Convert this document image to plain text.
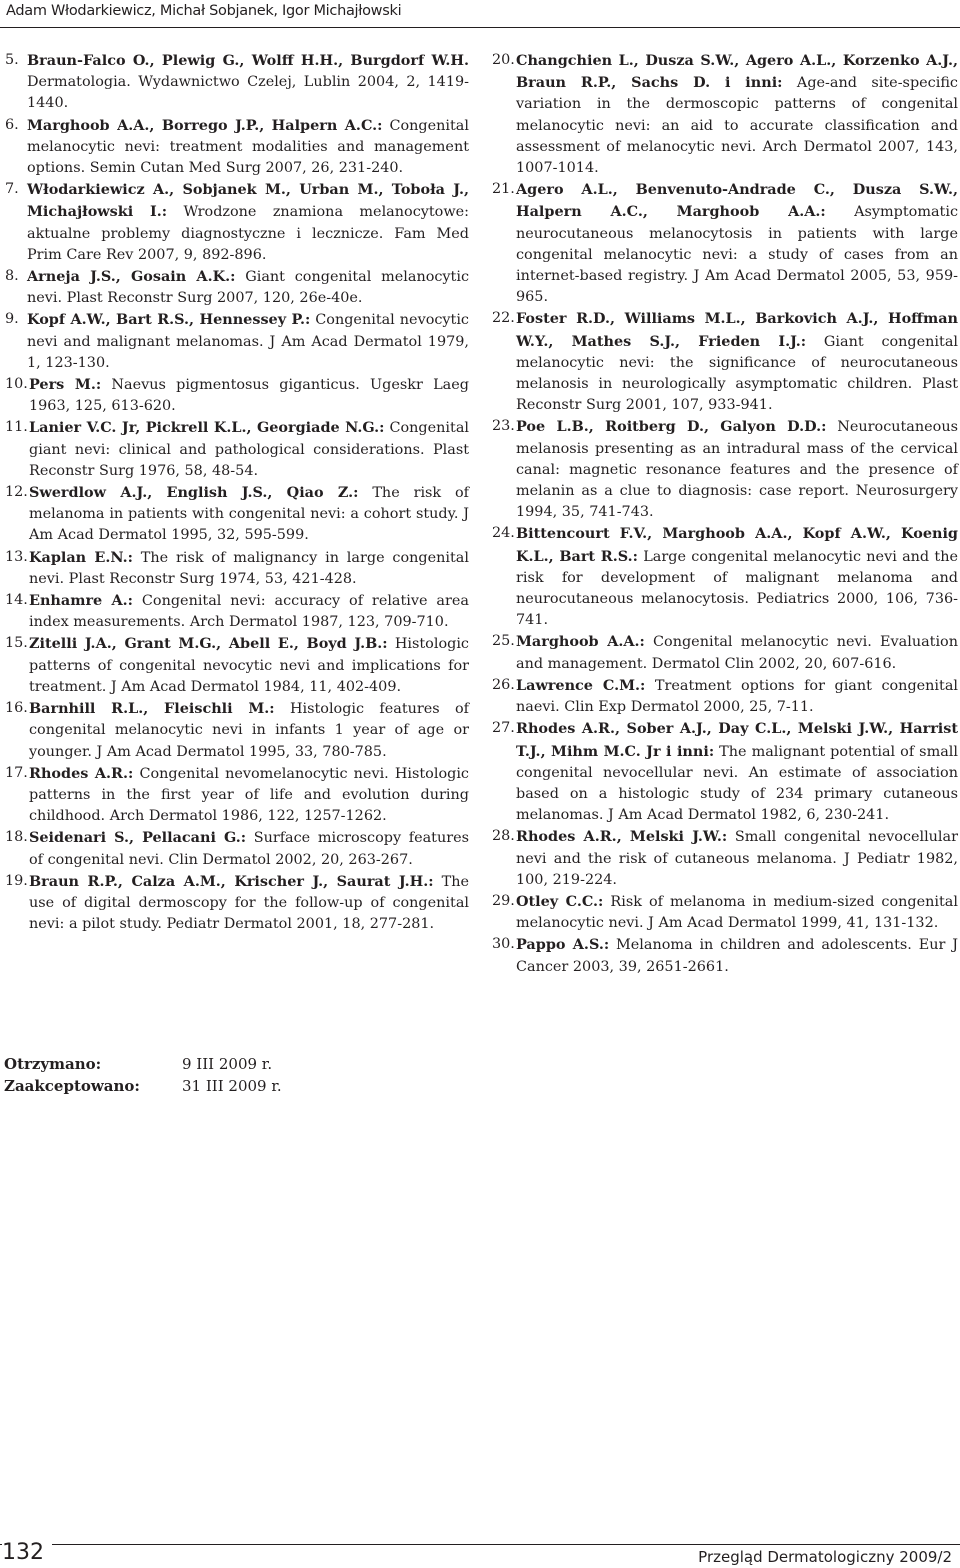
Adam Włodarkiewicz, Michał Sobjanek, Igor Michajłowski

5. Braun-Falco O., Plewig G., Wolff H.H., Burgdorf W.H. Dermatologia. Wydawnictwo Czelej, Lublin 2004, 2, 1419-1440.

6. Marghoob A.A., Borrego J.P., Halpern A.C.: Congenital melanocytic nevi: treatment modalities and management options. Semin Cutan Med Surg 2007, 26, 231-240.

7. Włodarkiewicz A., Sobjanek M., Urban M., Toboła J., Michajłowski I.: Wrodzone znamiona melanocytowe: aktualne problemy diagnostyczne i lecznicze. Fam Med Prim Care Rev 2007, 9, 892-896.

8. Arneja J.S., Gosain A.K.: Giant congenital melanocytic nevi. Plast Reconstr Surg 2007, 120, 26e-40e.

9. Kopf A.W., Bart R.S., Hennessey P.: Congenital nevocytic nevi and malignant melanomas. J Am Acad Dermatol 1979, 1, 123-130.

10. Pers M.: Naevus pigmentosus giganticus. Ugeskr Laeg 1963, 125, 613-620.

11. Lanier V.C. Jr, Pickrell K.L., Georgiade N.G.: Congenital giant nevi: clinical and pathological considerations. Plast Reconstr Surg 1976, 58, 48-54.

12. Swerdlow A.J., English J.S., Qiao Z.: The risk of melanoma in patients with congenital nevi: a cohort study. J Am Acad Dermatol 1995, 32, 595-599.

13. Kaplan E.N.: The risk of malignancy in large congenital nevi. Plast Reconstr Surg 1974, 53, 421-428.

14. Enhamre A.: Congenital nevi: accuracy of relative area index measurements. Arch Dermatol 1987, 123, 709-710.

15. Zitelli J.A., Grant M.G., Abell E., Boyd J.B.: Histologic patterns of congenital nevocytic nevi and implications for treatment. J Am Acad Dermatol 1984, 11, 402-409.

16. Barnhill R.L., Fleischli M.: Histologic features of congenital melanocytic nevi in infants 1 year of age or younger. J Am Acad Dermatol 1995, 33, 780-785.

17. Rhodes A.R.: Congenital nevomelanocytic nevi. Histologic patterns in the first year of life and evolution during childhood. Arch Dermatol 1986, 122, 1257-1262.

18. Seidenari S., Pellacani G.: Surface microscopy features of congenital nevi. Clin Dermatol 2002, 20, 263-267.

19. Braun R.P., Calza A.M., Krischer J., Saurat J.H.: The use of digital dermoscopy for the follow-up of congenital nevi: a pilot study. Pediatr Dermatol 2001, 18, 277-281.

20. Changchien L., Dusza S.W., Agero A.L., Korzenko A.J., Braun R.P., Sachs D. i inni: Age-and site-specific variation in the dermoscopic patterns of congenital melanocytic nevi: an aid to accurate classification and assessment of melanocytic nevi. Arch Dermatol 2007, 143, 1007-1014.

21. Agero A.L., Benvenuto-Andrade C., Dusza S.W., Halpern A.C., Marghoob A.A.: Asymptomatic neurocutaneous melanocytosis in patients with large congenital melanocytic nevi: a study of cases from an internet-based registry. J Am Acad Dermatol 2005, 53, 959-965.

22. Foster R.D., Williams M.L., Barkovich A.J., Hoffman W.Y., Mathes S.J., Frieden I.J.: Giant congenital melanocytic nevi: the significance of neurocutaneous melanosis in neurologically asymptomatic children. Plast Reconstr Surg 2001, 107, 933-941.

23. Poe L.B., Roitberg D., Galyon D.D.: Neurocutaneous melanosis presenting as an intradural mass of the cervical canal: magnetic resonance features and the presence of melanin as a clue to diagnosis: case report. Neurosurgery 1994, 35, 741-743.

24. Bittencourt F.V., Marghoob A.A., Kopf A.W., Koenig K.L., Bart R.S.: Large congenital melanocytic nevi and the risk for development of malignant melanoma and neurocutaneous melanocytosis. Pediatrics 2000, 106, 736-741.

25. Marghoob A.A.: Congenital melanocytic nevi. Evaluation and management. Dermatol Clin 2002, 20, 607-616.

26. Lawrence C.M.: Treatment options for giant congenital naevi. Clin Exp Dermatol 2000, 25, 7-11.

27. Rhodes A.R., Sober A.J., Day C.L., Melski J.W., Harrist T.J., Mihm M.C. Jr i inni: The malignant potential of small congenital nevocellular nevi. An estimate of association based on a histologic study of 234 primary cutaneous melanomas. J Am Acad Dermatol 1982, 6, 230-241.

28. Rhodes A.R., Melski J.W.: Small congenital nevocellular nevi and the risk of cutaneous melanoma. J Pediatr 1982, 100, 219-224.

29. Otley C.C.: Risk of melanoma in medium-sized congenital melanocytic nevi. J Am Acad Dermatol 1999, 41, 131-132.

30. Pappo A.S.: Melanoma in children and adolescents. Eur J Cancer 2003, 39, 2651-2661.

Otrzymano:	9 III 2009 r.
Zaakceptowano:	31 III 2009 r.
132	Przegląd Dermatologiczny 2009/2
